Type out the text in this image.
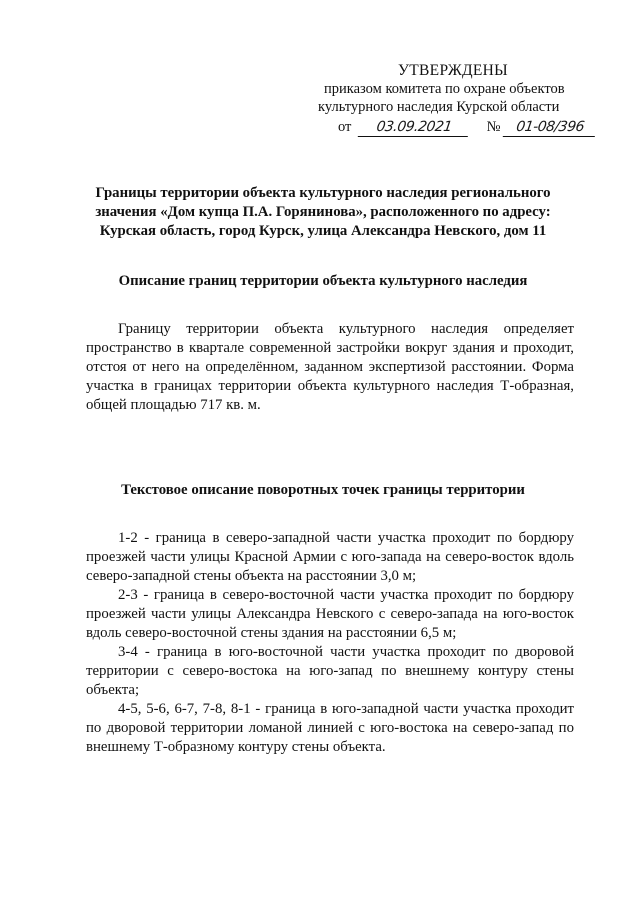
УТВЕРЖДЕНЫ
приказом комитета по охране объектов
культурного наследия Курской области
от 03.09.2021 № 01-08/396
Границы территории объекта культурного наследия регионального значения «Дом купца П.А. Горянинова», расположенного по адресу: Курская область, город Курск, улица Александра Невского, дом 11
Описание границ территории объекта культурного наследия

Границу территории объекта культурного наследия определяет пространство в квартале современной застройки вокруг здания и проходит, отстоя от него на определённом, заданном экспертизой расстоянии. Форма участка в границах территории объекта культурного наследия Т-образная, общей площадью 717 кв. м.

Текстовое описание поворотных точек границы территории

1-2 - граница в северо-западной части участка проходит по бордюру проезжей части улицы Красной Армии с юго-запада на северо-восток вдоль северо-западной стены объекта на расстоянии 3,0 м;

2-3 - граница в северо-восточной части участка проходит по бордюру проезжей части улицы Александра Невского с северо-запада на юго-восток вдоль северо-восточной стены здания на расстоянии 6,5 м;

3-4 - граница в юго-восточной части участка проходит по дворовой территории с северо-востока на юго-запад по внешнему контуру стены объекта;

4-5, 5-6, 6-7, 7-8, 8-1 - граница в юго-западной части участка проходит по дворовой территории ломаной линией с юго-востока на северо-запад по внешнему Т-образному контуру стены объекта.
